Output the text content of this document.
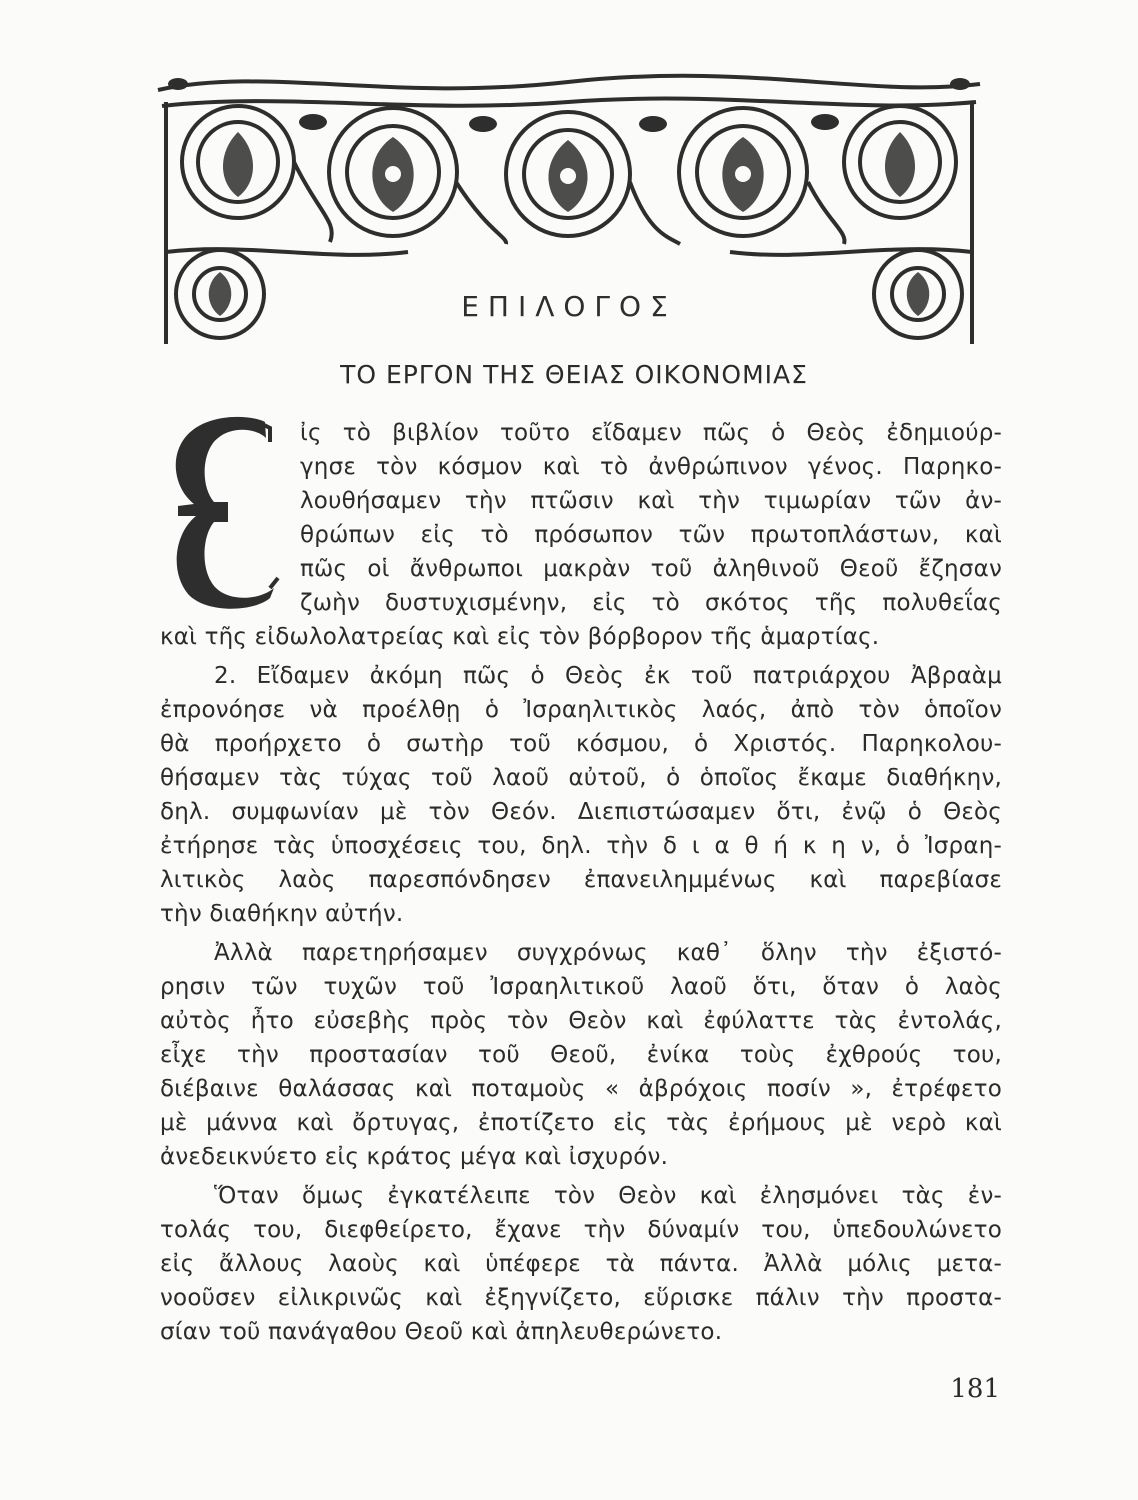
ΕΠΙΛΟΓΟΣ
ΤΟ ΕΡΓΟΝ ΤΗΣ ΘΕΙΑΣ ΟΙΚΟΝΟΜΙΑΣ
ἰς τὸ βιβλίον τοῦτο εἴδαμεν πῶς ὁ Θεὸς ἐδημιούρ-
γησε τὸν κόσμον καὶ τὸ ἀνθρώπινον γένος. Παρηκο-
λουθήσαμεν τὴν πτῶσιν καὶ τὴν τιμωρίαν τῶν ἀν-
θρώπων εἰς τὸ πρόσωπον τῶν πρωτοπλάστων, καὶ
πῶς οἱ ἄνθρωποι μακρὰν τοῦ ἀληθινοῦ Θεοῦ ἔζησαν
ζωὴν δυστυχισμένην, εἰς τὸ σκότος τῆς πολυθεΐας
καὶ τῆς εἰδωλολατρείας καὶ εἰς τὸν βόρβορον τῆς ἁμαρτίας.
2. Εἴδαμεν ἀκόμη πῶς ὁ Θεὸς ἐκ τοῦ πατριάρχου Ἀβραὰμ
ἐπρονόησε νὰ προέλθῃ ὁ Ἰσραηλιτικὸς λαός, ἀπὸ τὸν ὁποῖον
θὰ προήρχετο ὁ σωτὴρ τοῦ κόσμου, ὁ Χριστός. Παρηκολου-
θήσαμεν τὰς τύχας τοῦ λαοῦ αὐτοῦ, ὁ ὁποῖος ἔκαμε διαθήκην,
δηλ. συμφωνίαν μὲ τὸν Θεόν. Διεπιστώσαμεν ὅτι, ἐνῷ ὁ Θεὸς
ἐτήρησε τὰς ὑποσχέσεις του, δηλ. τὴν δ ι α θ ή κ η ν, ὁ Ἰσραη-
λιτικὸς λαὸς παρεσπόνδησεν ἐπανειλημμένως καὶ παρεβίασε
τὴν διαθήκην αὐτήν.
Ἀλλὰ παρετηρήσαμεν συγχρόνως καθ᾽ ὅλην τὴν ἐξιστό-
ρησιν τῶν τυχῶν τοῦ Ἰσραηλιτικοῦ λαοῦ ὅτι, ὅταν ὁ λαὸς
αὐτὸς ἦτο εὐσεβὴς πρὸς τὸν Θεὸν καὶ ἐφύλαττε τὰς ἐντολάς,
εἶχε τὴν προστασίαν τοῦ Θεοῦ, ἐνίκα τοὺς ἐχθρούς του,
διέβαινε θαλάσσας καὶ ποταμοὺς « ἀβρόχοις ποσίν », ἐτρέφετο
μὲ μάννα καὶ ὄρτυγας, ἐποτίζετο εἰς τὰς ἐρήμους μὲ νερὸ καὶ
ἀνεδεικνύετο εἰς κράτος μέγα καὶ ἰσχυρόν.
Ὅταν ὅμως ἐγκατέλειπε τὸν Θεὸν καὶ ἐλησμόνει τὰς ἐν-
τολάς του, διεφθείρετο, ἔχανε τὴν δύναμίν του, ὑπεδουλώνετο
εἰς ἄλλους λαοὺς καὶ ὑπέφερε τὰ πάντα. Ἀλλὰ μόλις μετα-
νοοῦσεν εἰλικρινῶς καὶ ἐξηγνίζετο, εὕρισκε πάλιν τὴν προστα-
σίαν τοῦ πανάγαθου Θεοῦ καὶ ἀπηλευθερώνετο.
181
